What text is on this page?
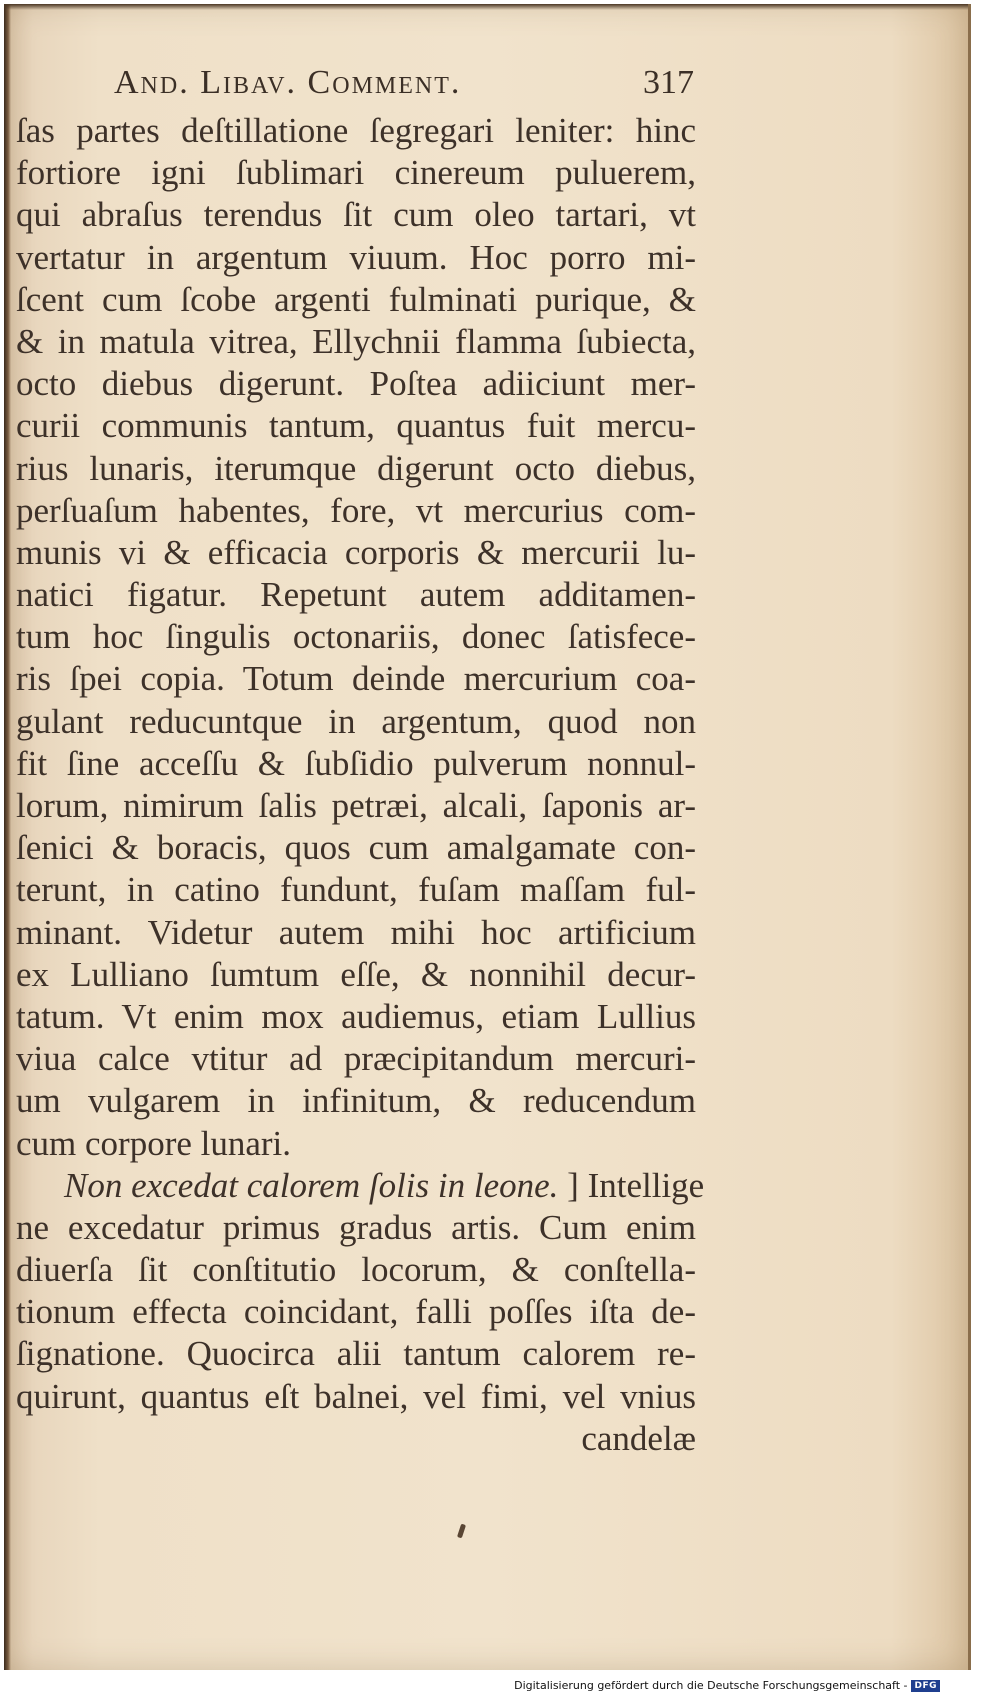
And. Libav. Comment.	317
ſas partes deſtillatione ſegregari leniter: hinc
fortiore igni ſublimari cinereum puluerem,
qui abraſus terendus ſit cum oleo tartari, vt
vertatur in argentum viuum. Hoc porro mi-
ſcent cum ſcobe argenti fulminati purique, &
& in matula vitrea, Ellychnii flamma ſubiecta,
octo diebus digerunt. Poſtea adiiciunt mer-
curii communis tantum, quantus fuit mercu-
rius lunaris, iterumque digerunt octo diebus,
perſuaſum habentes, fore, vt mercurius com-
munis vi & efficacia corporis & mercurii lu-
natici figatur. Repetunt autem additamen-
tum hoc ſingulis octonariis, donec ſatisfece-
ris ſpei copia. Totum deinde mercurium coa-
gulant reducuntque in argentum, quod non
fit ſine acceſſu & ſubſidio pulverum nonnul-
lorum, nimirum ſalis petræi, alcali, ſaponis ar-
ſenici & boracis, quos cum amalgamate con-
terunt, in catino fundunt, fuſam maſſam ful-
minant. Videtur autem mihi hoc artificium
ex Lulliano ſumtum eſſe, & nonnihil decur-
tatum. Vt enim mox audiemus, etiam Lullius
viua calce vtitur ad præcipitandum mercuri-
um vulgarem in infinitum, & reducendum
cum corpore lunari.
Non excedat calorem ſolis in leone. ] Intellige
ne excedatur primus gradus artis. Cum enim
diuerſa ſit conſtitutio locorum, & conſtella-
tionum effecta coincidant, falli poſſes iſta de-
ſignatione. Quocirca alii tantum calorem re-
quirunt, quantus eſt balnei, vel fimi, vel vnius
candelæ
Digitalisierung gefördert durch die Deutsche Forschungsgemeinschaft - DFG
